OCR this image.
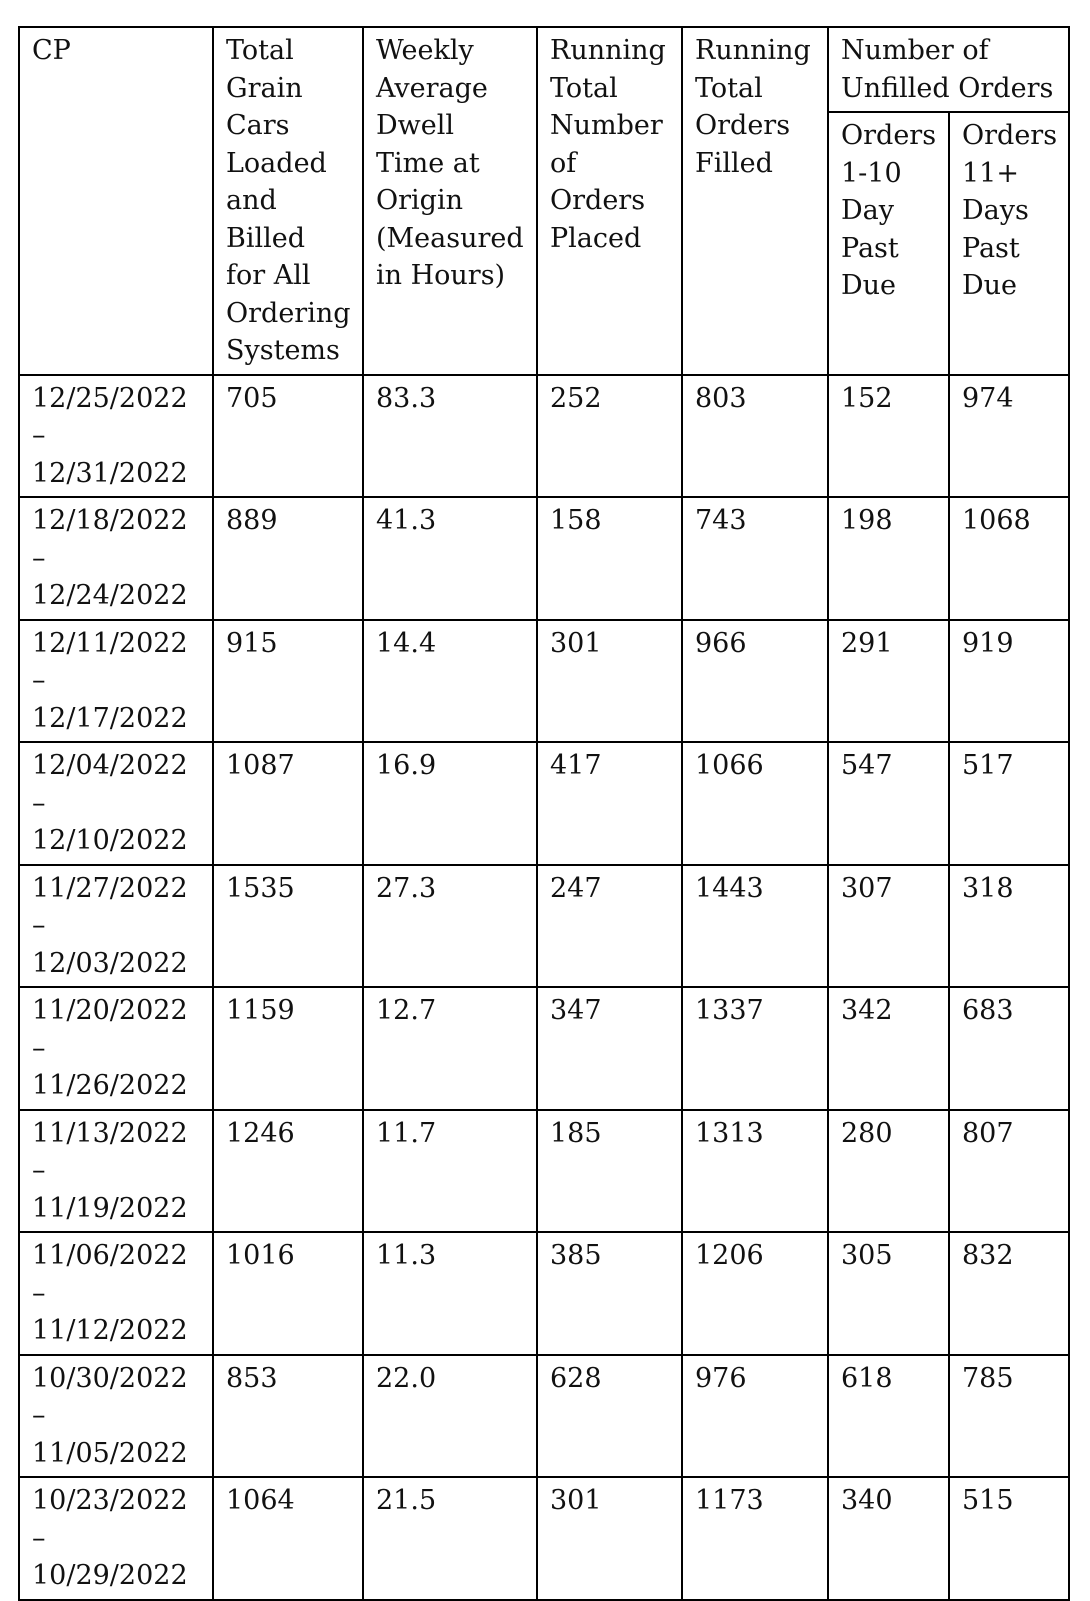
CP	Total Grain Cars Loaded and Billed for All Ordering Systems	Weekly Average Dwell Time at Origin (Measured in Hours)	Running Total Number of Orders Placed	Running Total Orders Filled	Number of Unfilled Orders	
					Orders 1-10 Day Past Due	Orders 11+ Days Past Due

12/25/2022
–
12/31/2022	705	83.3	252	803	152	974

12/18/2022
–
12/24/2022	889	41.3	158	743	198	1068

12/11/2022
–
12/17/2022	915	14.4	301	966	291	919

12/04/2022
–
12/10/2022	1087	16.9	417	1066	547	517

11/27/2022
–
12/03/2022	1535	27.3	247	1443	307	318

11/20/2022
–
11/26/2022	1159	12.7	347	1337	342	683

11/13/2022
–
11/19/2022	1246	11.7	185	1313	280	807

11/06/2022
–
11/12/2022	1016	11.3	385	1206	305	832

10/30/2022
–
11/05/2022	853	22.0	628	976	618	785

10/23/2022
–
10/29/2022	1064	21.5	301	1173	340	515
